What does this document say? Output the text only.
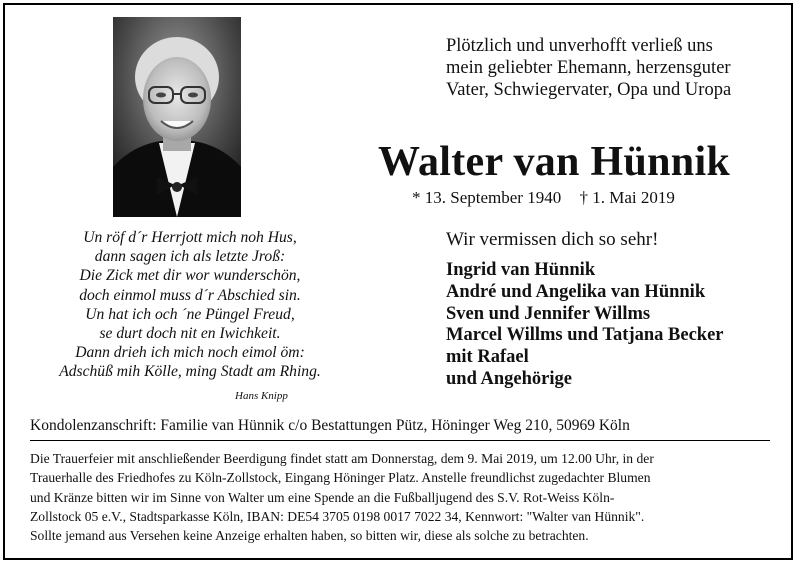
Plötzlich und unverhofft verließ uns
mein geliebter Ehemann, herzensguter
Vater, Schwiegervater, Opa und Uropa
Walter van Hünnik
* 13. September 1940 † 1. Mai 2019
Wir vermissen dich so sehr!
Ingrid van Hünnik
André und Angelika van Hünnik
Sven und Jennifer Willms
Marcel Willms und Tatjana Becker
mit Rafael
und Angehörige
Un röf d´r Herrjott mich noh Hus,
dann sagen ich als letzte Jroß:
Die Zick met dir wor wunderschön,
doch einmol muss d´r Abschied sin.
Un hat ich och ´ne Püngel Freud,
se durt doch nit en Iwichkeit.
Dann drieh ich mich noch eimol öm:
Adschüß mih Kölle, ming Stadt am Rhing.
Hans Knipp
Kondolenzanschrift: Familie van Hünnik c/o Bestattungen Pütz, Höninger Weg 210, 50969 Köln
Die Trauerfeier mit anschließender Beerdigung findet statt am Donnerstag, dem 9. Mai 2019, um 12.00 Uhr, in der
Trauerhalle des Friedhofes zu Köln-Zollstock, Eingang Höninger Platz. Anstelle freundlichst zugedachter Blumen
und Kränze bitten wir im Sinne von Walter um eine Spende an die Fußballjugend des S.V. Rot-Weiss Köln-
Zollstock 05 e.V., Stadtsparkasse Köln, IBAN: DE54 3705 0198 0017 7022 34, Kennwort: "Walter van Hünnik".
Sollte jemand aus Versehen keine Anzeige erhalten haben, so bitten wir, diese als solche zu betrachten.
